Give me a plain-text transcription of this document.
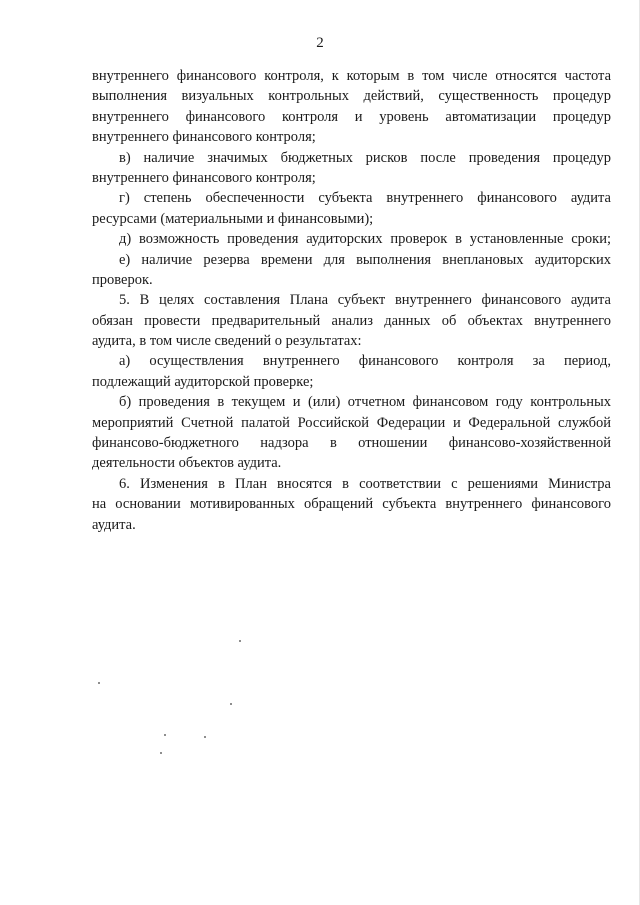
2
внутреннего финансового контроля, к которым в том числе относятся частота
выполнения визуальных контрольных действий, существенность процедур
внутреннего финансового контроля и уровень автоматизации процедур
внутреннего финансового контроля;
в) наличие значимых бюджетных рисков после проведения процедур
внутреннего финансового контроля;
г) степень обеспеченности субъекта внутреннего финансового аудита
ресурсами (материальными и финансовыми);
д) возможность проведения аудиторских проверок в установленные сроки;
е) наличие резерва времени для выполнения внеплановых аудиторских
проверок.
5. В целях составления Плана субъект внутреннего финансового аудита
обязан провести предварительный анализ данных об объектах внутреннего
аудита, в том числе сведений о результатах:
а) осуществления внутреннего финансового контроля за период,
подлежащий аудиторской проверке;
б) проведения в текущем и (или) отчетном финансовом году контрольных
мероприятий Счетной палатой Российской Федерации и Федеральной службой
финансово-бюджетного надзора в отношении финансово-хозяйственной
деятельности объектов аудита.
6. Изменения в План вносятся в соответствии с решениями Министра
на основании мотивированных обращений субъекта внутреннего финансового
аудита.
